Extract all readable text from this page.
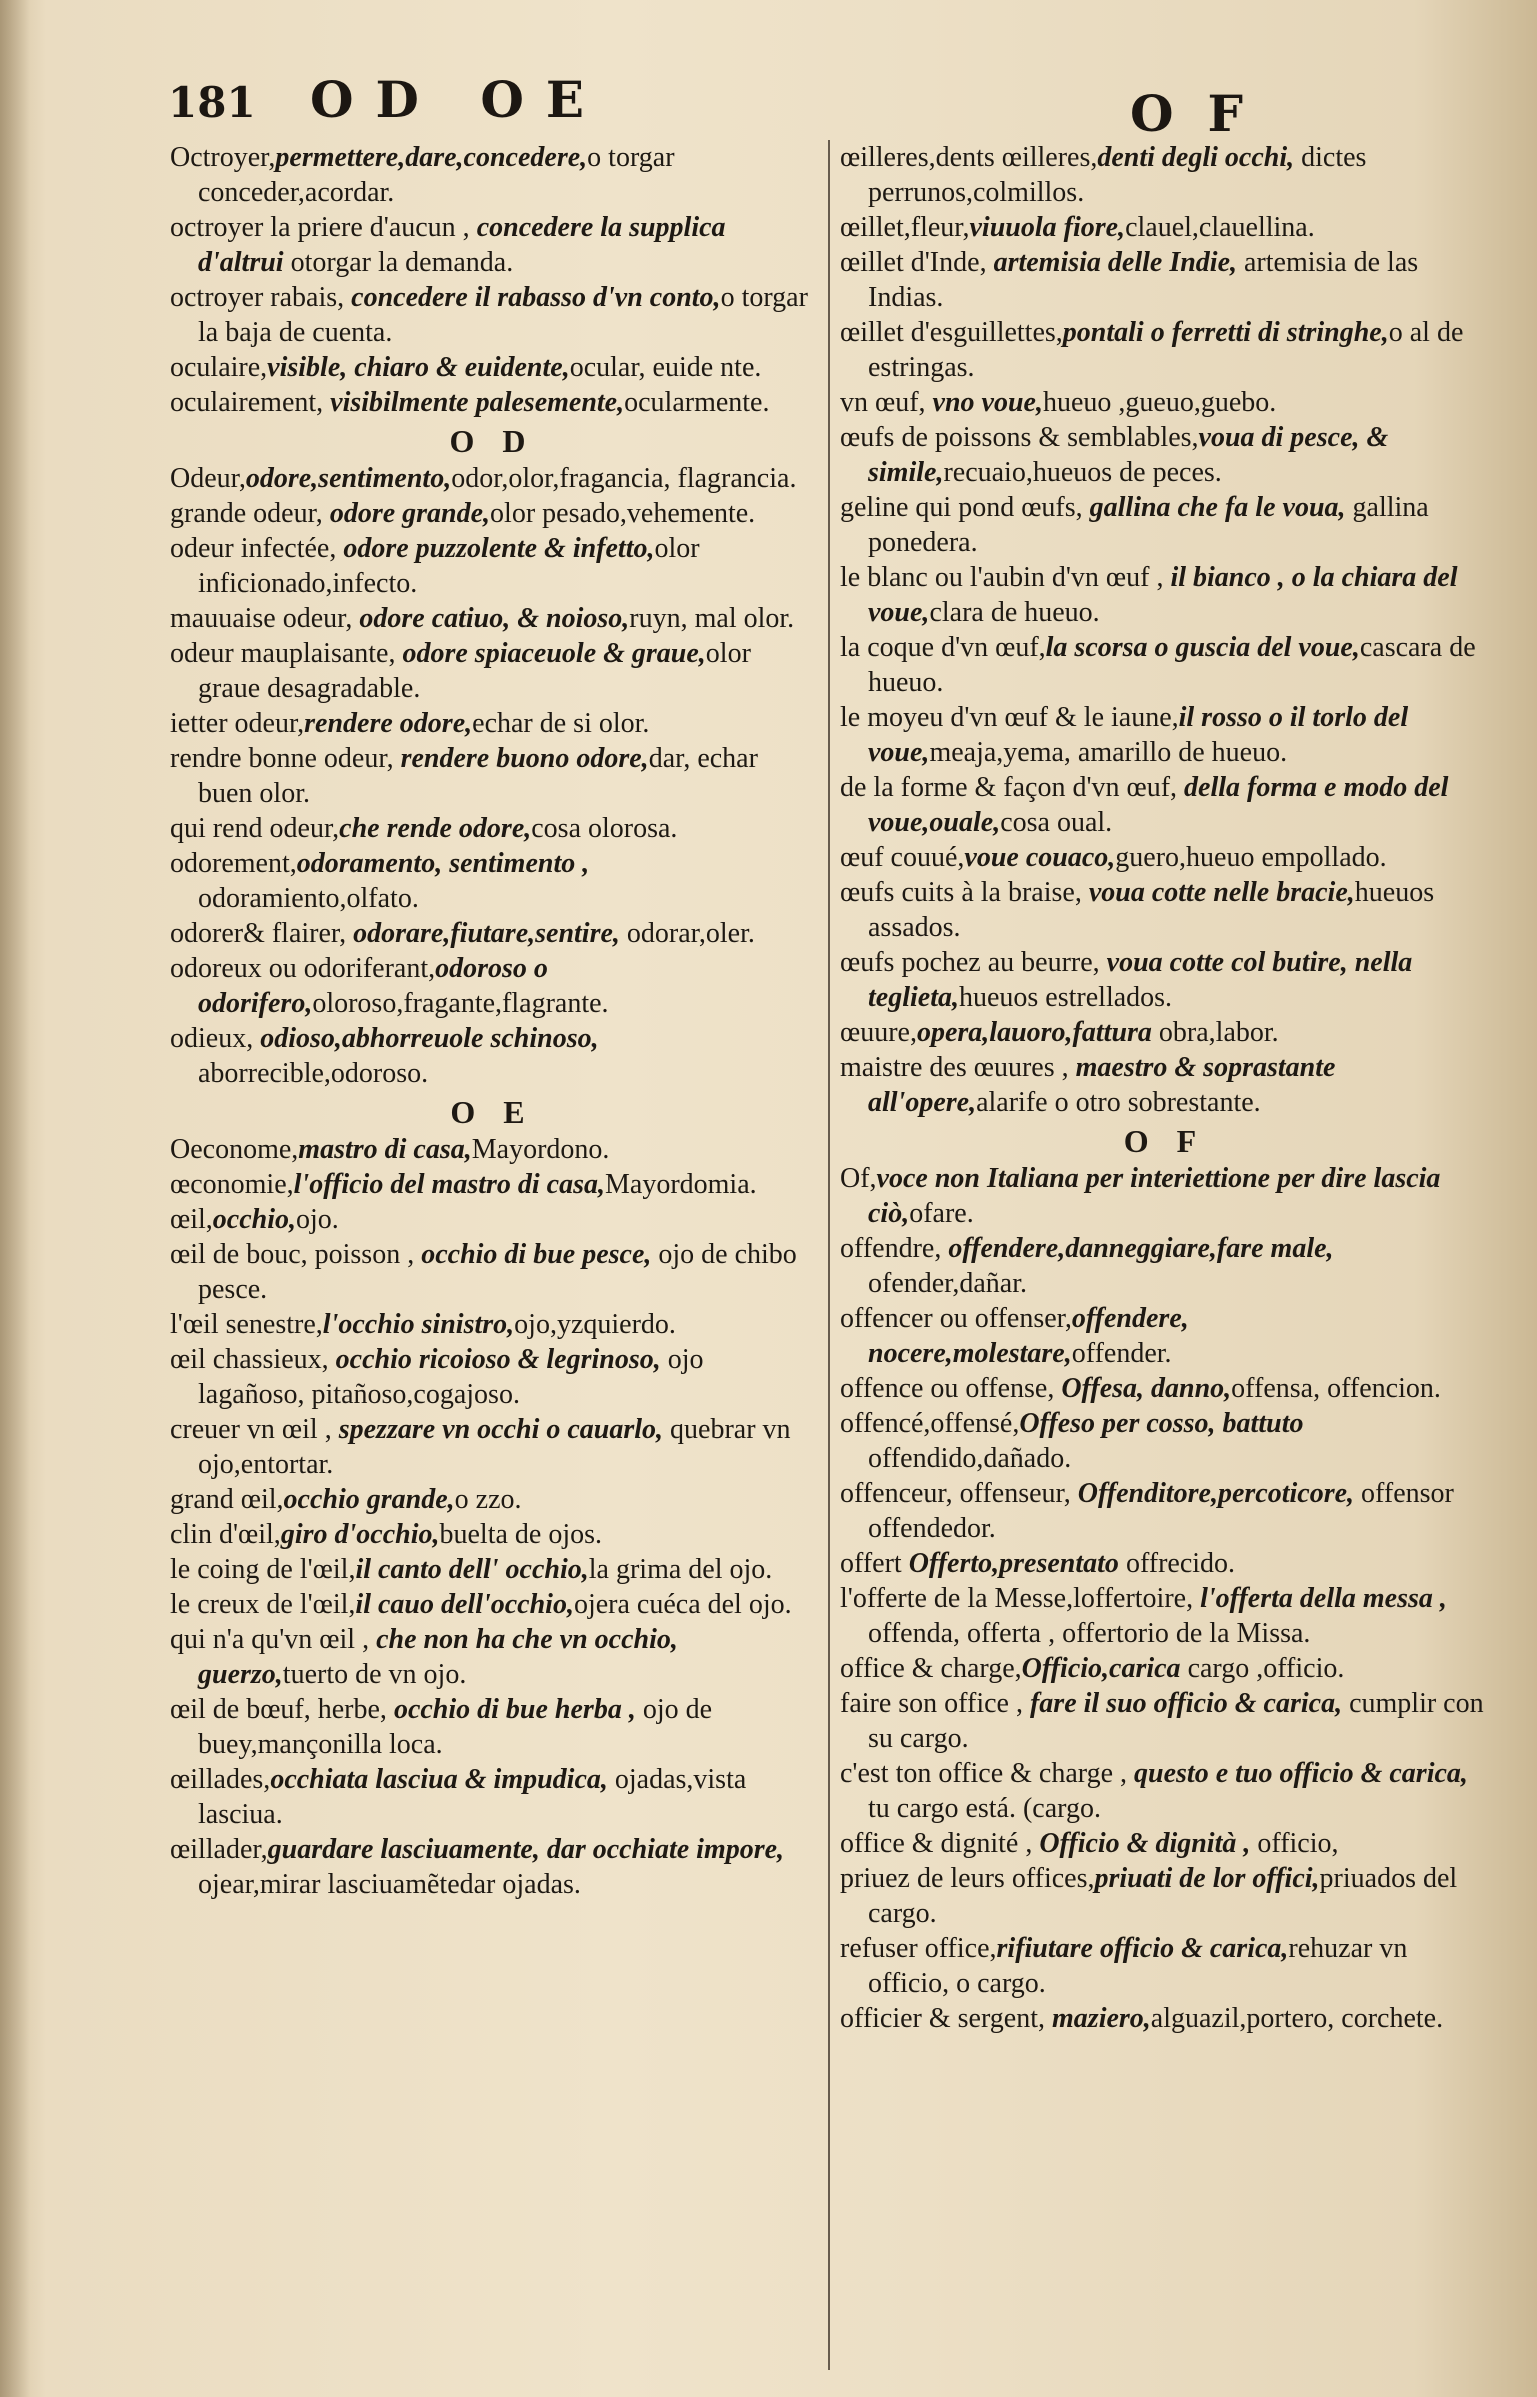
181 OD OE	OF

Octroyer,permettere,dare,concedere,o torgar conceder,acordar.

octroyer la priere d'aucun , concedere la supplica d'altrui otorgar la demanda.

octroyer rabais, concedere il rabasso d'vn conto,o torgar la baja de cuenta.

oculaire,visible, chiaro & euidente,ocular, euide nte.

oculairement, visibilmente palesemente,ocularmente.

O D

Odeur,odore,sentimento,odor,olor,fragancia, flagrancia.

grande odeur, odore grande,olor pesado,vehemente.

odeur infectée, odore puzzolente & infetto,olor inficionado,infecto.

mauuaise odeur, odore catiuo, & noioso,ruyn, mal olor.

odeur mauplaisante, odore spiaceuole & graue,olor graue desagradable.

ietter odeur,rendere odore,echar de si olor.

rendre bonne odeur, rendere buono odore,dar, echar buen olor.

qui rend odeur,che rende odore,cosa olorosa.

odorement,odoramento, sentimento , odoramiento,olfato.

odorer& flairer, odorare,fiutare,sentire, odorar,oler.

odoreux ou odoriferant,odoroso o odorifero,oloroso,fragante,flagrante.

odieux, odioso,abhorreuole schinoso, aborrecible,odoroso.

O E

Oeconome,mastro di casa,Mayordono.

œconomie,l'officio del mastro di casa,Mayordomia.

œil,occhio,ojo.

œil de bouc, poisson , occhio di bue pesce, ojo de chibo pesce.

l'œil senestre,l'occhio sinistro,ojo,yzquierdo.

œil chassieux, occhio ricoioso & legrinoso, ojo lagañoso, pitañoso,cogajoso.

creuer vn œil , spezzare vn occhi o cauarlo, quebrar vn ojo,entortar.

grand œil,occhio grande,o zzo.

clin d'œil,giro d'occhio,buelta de ojos.

le coing de l'œil,il canto dell' occhio,la grima del ojo.

le creux de l'œil,il cauo dell'occhio,ojera cuéca del ojo.

qui n'a qu'vn œil , che non ha che vn occhio, guerzo,tuerto de vn ojo.

œil de bœuf, herbe, occhio di bue herba , ojo de buey,mançonilla loca.

œillades,occhiata lasciua & impudica, ojadas,vista lasciua.

œillader,guardare lasciuamente, dar occhiate impore, ojear,mirar lasciuamẽtedar ojadas.

œilleres,dents œilleres,denti degli occhi, dictes perrunos,colmillos.

œillet,fleur,viuuola fiore,clauel,clauellina.

œillet d'Inde, artemisia delle Indie, artemisia de las Indias.

œillet d'esguillettes,pontali o ferretti di stringhe,o al de estringas.

vn œuf, vno voue,hueuo ,gueuo,guebo.

œufs de poissons & semblables,voua di pesce, & simile,recuaio,hueuos de peces.

geline qui pond œufs, gallina che fa le voua, gallina ponedera.

le blanc ou l'aubin d'vn œuf , il bianco , o la chiara del voue,clara de hueuo.

la coque d'vn œuf,la scorsa o guscia del voue,cascara de hueuo.

le moyeu d'vn œuf & le iaune,il rosso o il torlo del voue,meaja,yema, amarillo de hueuo.

de la forme & façon d'vn œuf, della forma e modo del voue,ouale,cosa oual.

œuf couué,voue couaco,guero,hueuo empollado.

œufs cuits à la braise, voua cotte nelle bracie,hueuos assados.

œufs pochez au beurre, voua cotte col butire, nella teglieta,hueuos estrellados.

œuure,opera,lauoro,fattura obra,labor.

maistre des œuures , maestro & soprastante all'opere,alarife o otro sobrestante.

O F

Of,voce non Italiana per interiettione per dire lascia ciò,ofare.

offendre, offendere,danneggiare,fare male, ofender,dañar.

offencer ou offenser,offendere, nocere,molestare,offender.

offence ou offense, Offesa, danno,offensa, offencion.

offencé,offensé,Offeso per cosso, battuto offendido,dañado.

offenceur, offenseur, Offenditore,percoticore, offensor offendedor.

offert Offerto,presentato offrecido.

l'offerte de la Messe,loffertoire, l'offerta della messa , offenda, offerta , offertorio de la Missa.

office & charge,Officio,carica cargo ,officio.

faire son office , fare il suo officio & carica, cumplir con su cargo.

c'est ton office & charge , questo e tuo officio & carica, tu cargo está. (cargo.

office & dignité , Officio & dignità , officio,

priuez de leurs offices,priuati de lor offici,priuados del cargo.

refuser office,rifiutare officio & carica,rehuzar vn officio, o cargo.

officier & sergent, maziero,alguazil,portero, corchete.
